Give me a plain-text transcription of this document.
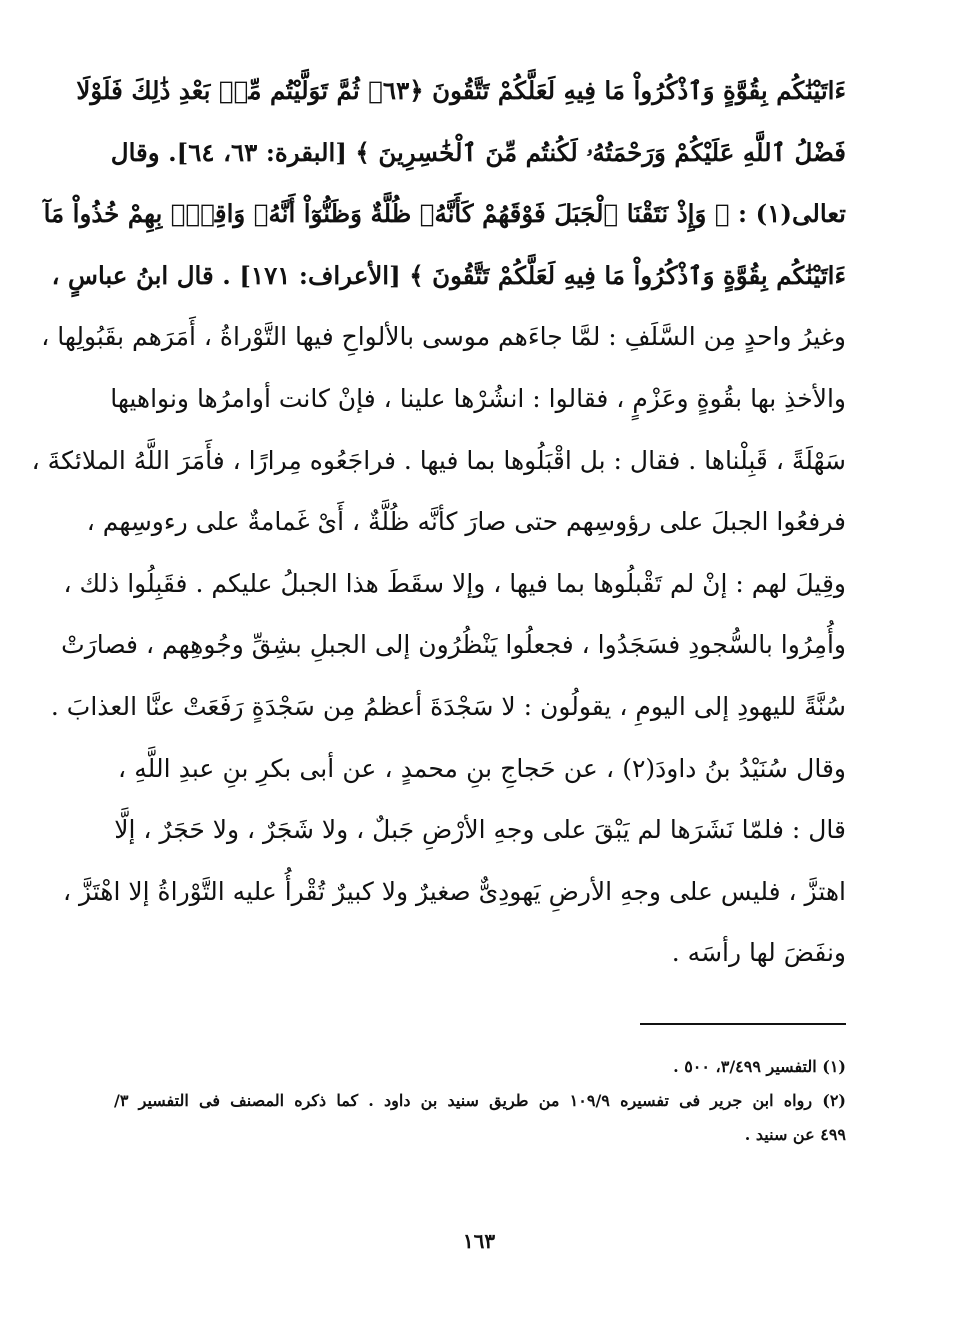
ءَاتَيْنَٰكُم بِقُوَّةٍ وَٱذْكُرُواْ مَا فِيهِ لَعَلَّكُمْ تَتَّقُونَ ﴿٦٣﴾ ثُمَّ تَوَلَّيْتُم مِّنۢ بَعْدِ ذَٰلِكَ فَلَوْلَا
فَضْلُ ٱللَّهِ عَلَيْكُمْ وَرَحْمَتُهُۥ لَكُنتُم مِّنَ ٱلْخَٰسِرِينَ ﴾ [البقرة: ٦٣، ٦٤]. وقال
تعالى(١) : ﴿ وَإِذْ نَتَقْنَا ٱلْجَبَلَ فَوْقَهُمْ كَأَنَّهُۥ ظُلَّةٌ وَظَنُّوٓاْ أَنَّهُۥ وَاقِعٌۢ بِهِمْ خُذُواْ مَآ
ءَاتَيْنَٰكُم بِقُوَّةٍ وَٱذْكُرُواْ مَا فِيهِ لَعَلَّكُمْ تَتَّقُونَ ﴾ [الأعراف: ١٧١] . قال ابنُ عباسٍ ،
وغيرُ واحدٍ مِن السَّلَفِ : لمَّا جاءَهم موسى بالألواحِ فيها التَّوْراةُ ، أَمَرَهم بقَبُولِها ،
والأخذِ بها بقُوةٍ وعَزْمٍ ، فقالوا : انشُرْها علينا ، فإنْ كانت أوامرُها ونواهيها
سَهْلَةً ، قَبِلْناها . فقال : بل اقْبَلُوها بما فيها . فراجَعُوه مِرارًا ، فأَمَرَ اللَّهُ الملائكةَ ،
فرفعُوا الجبلَ على رؤوسِهم حتى صارَ كأنَّه ظُلَّةٌ ، أَىْ غَمامةٌ على رءوسِهم ،
وقِيلَ لهم : إنْ لم تَقْبلُوها بما فيها ، وإلا سقَطَ هذا الجبلُ عليكم . فقَبِلُوا ذلك ،
وأُمِرُوا بالسُّجودِ فسَجَدُوا ، فجعلُوا يَنْظُرُون إلى الجبلِ بشِقِّ وجُوهِهم ، فصارَتْ
سُنَّةً لليهودِ إلى اليومِ ، يقولُون : لا سَجْدَةَ أعظمُ مِن سَجْدَةٍ رَفَعَتْ عنَّا العذابَ .
وقال سُنَيْدُ بنُ داودَ(٢) ، عن حَجاجِ بنِ محمدٍ ، عن أبى بكرِ بنِ عبدِ اللَّهِ ،
قال : فلمّا نَشَرَها لم يَبْقَ على وجهِ الأرْضِ جَبلٌ ، ولا شَجَرٌ ، ولا حَجَرٌ ، إلَّا
اهتزَّ ، فليس على وجهِ الأرضِ يَهودِىٌّ صغيرٌ ولا كبيرٌ تُقْرأُ عليه التَّوْراةُ إلا اهْتَزَّ ،
ونفَضَ لها رأسَه .
(١) التفسير ٣/٤٩٩، ٥٠٠ .
(٢) رواه ابن جرير فى تفسيره ١٠٩/٩ من طريق سنيد بن داود . كما ذكره المصنف فى التفسير ٣/
٤٩٩ عن سنيد .
١٦٣
